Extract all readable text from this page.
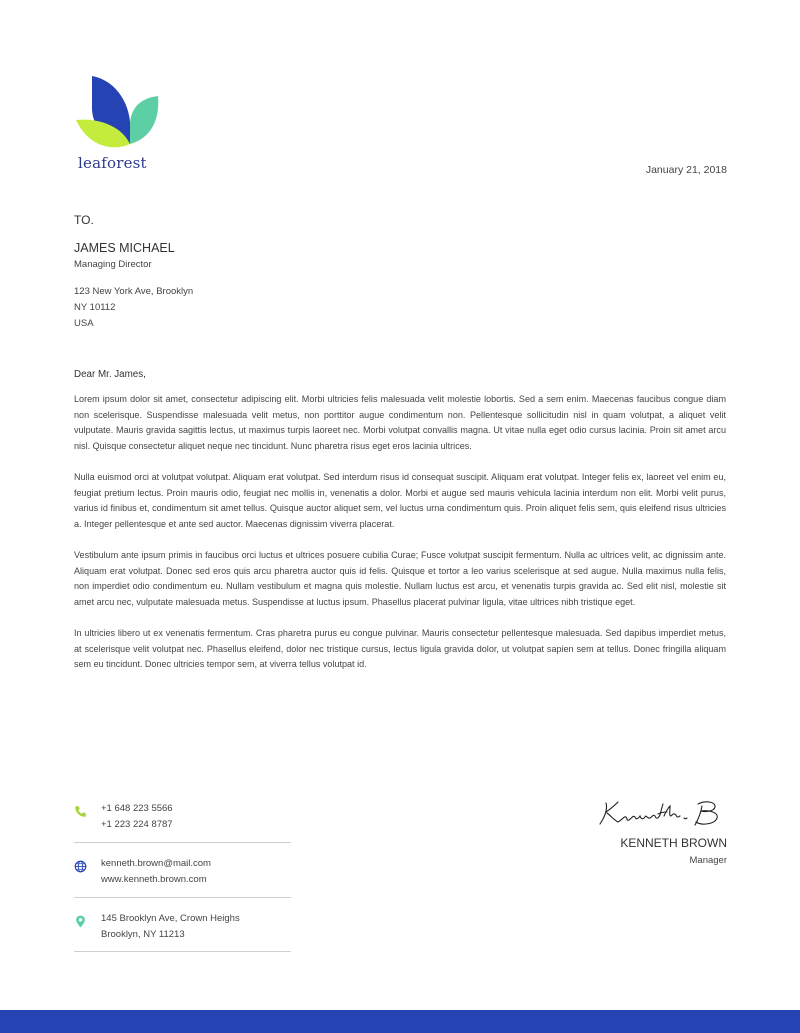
leaforest	January 21, 2018
TO.
JAMES MICHAEL
Managing Director
123 New York Ave, Brooklyn
NY 10112
USA
Dear Mr. James,

Lorem ipsum dolor sit amet, consectetur adipiscing elit. Morbi ultricies felis malesuada velit molestie lobortis. Sed a sem enim. Maecenas faucibus congue diam non scelerisque. Suspendisse malesuada velit metus, non porttitor augue condimentum non. Pellentesque sollicitudin nisl in quam volutpat, a aliquet velit vulputate. Mauris gravida sagittis lectus, ut maximus turpis laoreet nec. Morbi volutpat convallis magna. Ut vitae nulla eget odio cursus lacinia. Proin sit amet arcu nisl. Quisque consectetur aliquet neque nec tincidunt. Nunc pharetra risus eget eros lacinia ultrices.

Nulla euismod orci at volutpat volutpat. Aliquam erat volutpat. Sed interdum risus id consequat suscipit. Aliquam erat volutpat. Integer felis ex, laoreet vel enim eu, feugiat pretium lectus. Proin mauris odio, feugiat nec mollis in, venenatis a dolor. Morbi et augue sed mauris vehicula lacinia interdum non elit. Morbi velit purus, varius id finibus et, condimentum sit amet tellus. Quisque auctor aliquet sem, vel luctus urna condimentum quis. Proin aliquet felis sem, quis eleifend risus ultricies a. Integer pellentesque et ante sed auctor. Maecenas dignissim viverra placerat.

Vestibulum ante ipsum primis in faucibus orci luctus et ultrices posuere cubilia Curae; Fusce volutpat suscipit fermentum. Nulla ac ultrices velit, ac dignissim ante. Aliquam erat volutpat. Donec sed eros quis arcu pharetra auctor quis id felis. Quisque et tortor a leo varius scelerisque at sed augue. Nulla maximus nulla felis, non imperdiet odio condimentum eu. Nullam vestibulum et magna quis molestie. Nullam luctus est arcu, et venenatis turpis gravida ac. Sed elit nisl, molestie sit amet arcu nec, vulputate malesuada metus. Suspendisse at luctus ipsum. Phasellus placerat pulvinar ligula, vitae ultrices nibh tristique eget.

In ultricies libero ut ex venenatis fermentum. Cras pharetra purus eu congue pulvinar. Mauris consectetur pellentesque malesuada. Sed dapibus imperdiet metus, at scelerisque velit volutpat nec. Phasellus eleifend, dolor nec tristique cursus, lectus ligula gravida dolor, ut volutpat sapien sem at tellus. Donec fringilla aliquam sem eu tincidunt. Donec ultricies tempor sem, at viverra tellus volutpat id.

+1 648 223 5566
+1 223 224 8787
kenneth.brown@mail.com
www.kenneth.brown.com
145 Brooklyn Ave, Crown Heighs
Brooklyn, NY 11213
KENNETH BROWN
Manager
